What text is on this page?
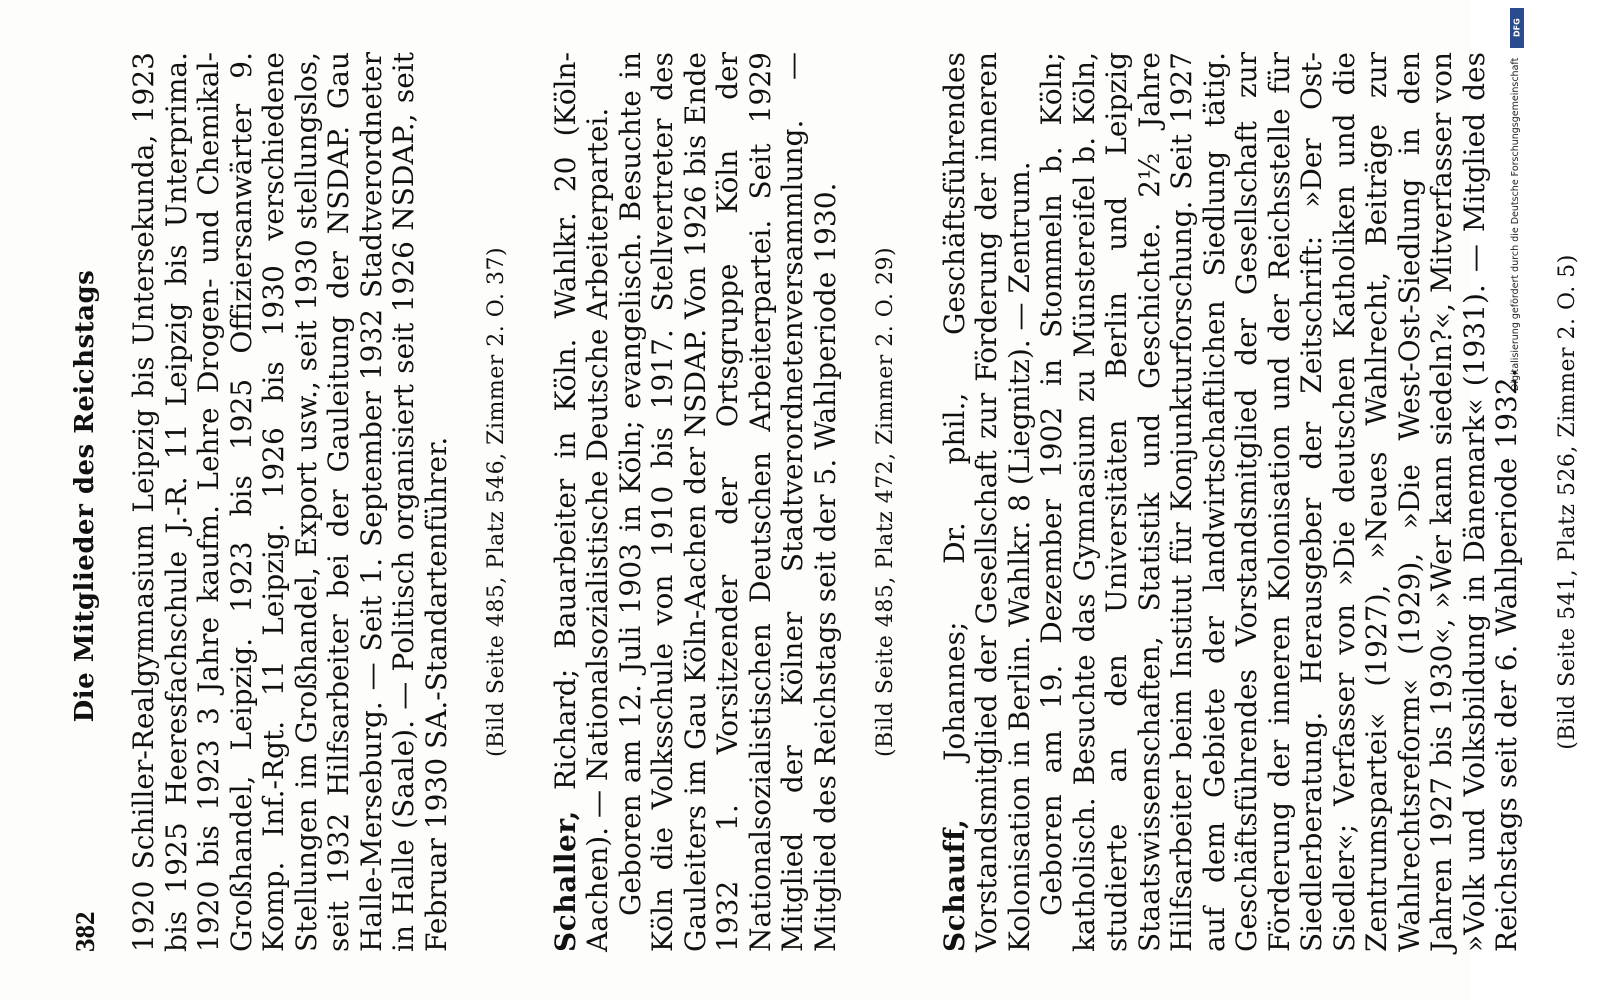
382
Die Mitglieder des Reichstags 1920 Schiller-Realgymnasium Leipzig bis Untersekunda, 1923 bis 1925 Heeresfachschule J.-R. 11 Leipzig bis Unterprima. 1920 bis 1923 3 Jahre kaufm. Lehre Drogen- und Chemikal-Großhandel, Leipzig. 1923 bis 1925 Offiziersanwärter 9. Komp. Inf.-Rgt. 11 Leipzig. 1926 bis 1930 verschiedene Stellungen im Großhandel, Export usw., seit 1930 stellungslos, seit 1932 Hilfsarbeiter bei der Gauleitung der NSDAP. Gau Halle-Merseburg. — Seit 1. September 1932 Stadtverordneter in Halle (Saale). — Politisch organisiert seit 1926 NSDAP., seit Februar 1930 SA.-Standartenführer. (Bild Seite 485, Platz 546, Zimmer 2. O. 37)

Schaller, Richard; Bauarbeiter in Köln. Wahlkr. 20 (Köln-Aachen). — Nationalsozialistische Deutsche Arbeiterpartei. Geboren am 12. Juli 1903 in Köln; evangelisch. Besuchte in Köln die Volksschule von 1910 bis 1917. Stellvertreter des Gauleiters im Gau Köln-Aachen der NSDAP. Von 1926 bis Ende 1932 1. Vorsitzender der Ortsgruppe Köln der Nationalsozialistischen Deutschen Arbeiterpartei. Seit 1929 Mitglied der Kölner Stadtverordnetenversammlung. — Mitglied des Reichstags seit der 5. Wahlperiode 1930. (Bild Seite 485, Platz 472, Zimmer 2. O. 29)

Schauff, Johannes; Dr. phil., Geschäftsführendes Vorstandsmitglied der Gesellschaft zur Förderung der inneren Kolonisation in Berlin. Wahlkr. 8 (Liegnitz). — Zentrum. Geboren am 19. Dezember 1902 in Stommeln b. Köln; katholisch. Besuchte das Gymnasium zu Münstereifel b. Köln, studierte an den Universitäten Berlin und Leipzig Staatswissenschaften, Statistik und Geschichte. 2½ Jahre Hilfsarbeiter beim Institut für Konjunkturforschung. Seit 1927 auf dem Gebiete der landwirtschaftlichen Siedlung tätig. Geschäftsführendes Vorstandsmitglied der Gesellschaft zur Förderung der inneren Kolonisation und der Reichsstelle für Siedlerberatung. Herausgeber der Zeitschrift: »Der Ost-Siedler«; Verfasser von »Die deutschen Katholiken und die Zentrumspartei« (1927), »Neues Wahlrecht, Beiträge zur Wahlrechtsreform« (1929), »Die West-Ost-Siedlung in den Jahren 1927 bis 1930«, »Wer kann siedeln?«, Mitverfasser von »Volk und Volksbildung in Dänemark« (1931). — Mitglied des Reichstags seit der 6. Wahlperiode 1932. (Bild Seite 541, Platz 526, Zimmer 2. O. 5)
DFG
Digitalisierung gefördert durch die Deutsche Forschungsgemeinschaft
